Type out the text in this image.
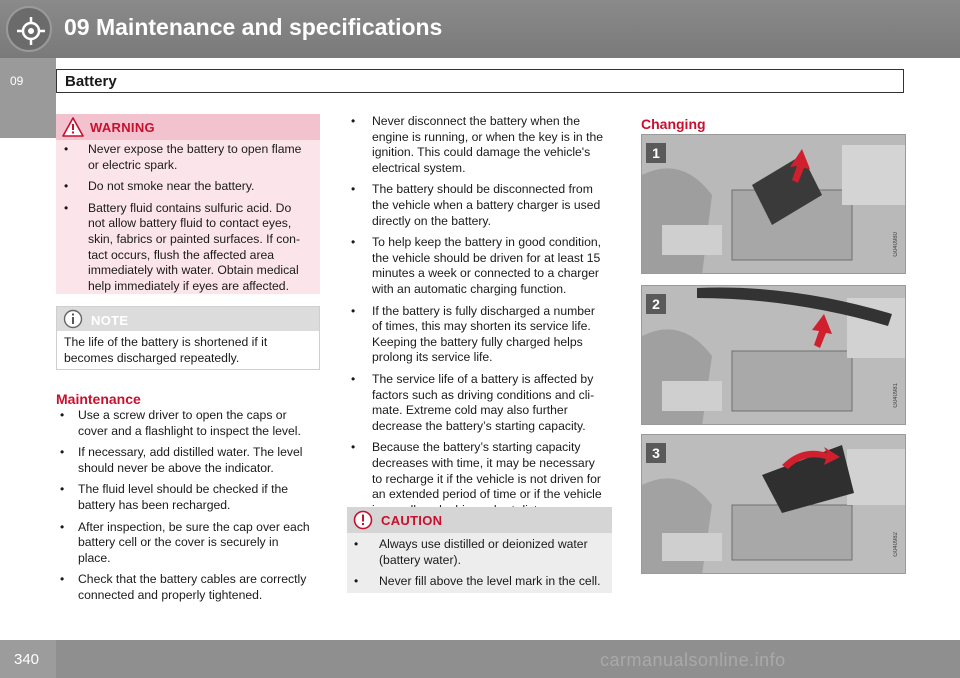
09 Maintenance and specifications
09	Battery
WARNING
• Never expose the battery to open flame
or electric spark.
• Do not smoke near the battery.
• Battery fluid contains sulfuric acid. Do
not allow battery fluid to contact eyes,
skin, fabrics or painted surfaces. If con-
tact occurs, flush the affected area
immediately with water. Obtain medical
help immediately if eyes are affected.
NOTE
The life of the battery is shortened if it
becomes discharged repeatedly.
Maintenance
• Use a screw driver to open the caps or
cover and a flashlight to inspect the level.
• If necessary, add distilled water. The level
should never be above the indicator.
• The fluid level should be checked if the
battery has been recharged.
• After inspection, be sure the cap over each
battery cell or the cover is securely in
place.
• Check that the battery cables are correctly
connected and properly tightened.
• Never disconnect the battery when the
engine is running, or when the key is in the
ignition. This could damage the vehicle's
electrical system.
• The battery should be disconnected from
the vehicle when a battery charger is used
directly on the battery.
• To help keep the battery in good condition,
the vehicle should be driven for at least 15
minutes a week or connected to a charger
with an automatic charging function.
• If the battery is fully discharged a number
of times, this may shorten its service life.
Keeping the battery fully charged helps
prolong its service life.
• The service life of a battery is affected by
factors such as driving conditions and cli-
mate. Extreme cold may also further
decrease the battery’s starting capacity.
• Because the battery’s starting capacity
decreases with time, it may be necessary
to recharge it if the vehicle is not driven for
an extended period of time or if the vehicle
CAUTION
• Always use distilled or deionized water
(battery water).
• Never fill above the level mark in the cell.
Changing
1
G040980
2
G040981
3
G040982
340	carmanualsonline.info
